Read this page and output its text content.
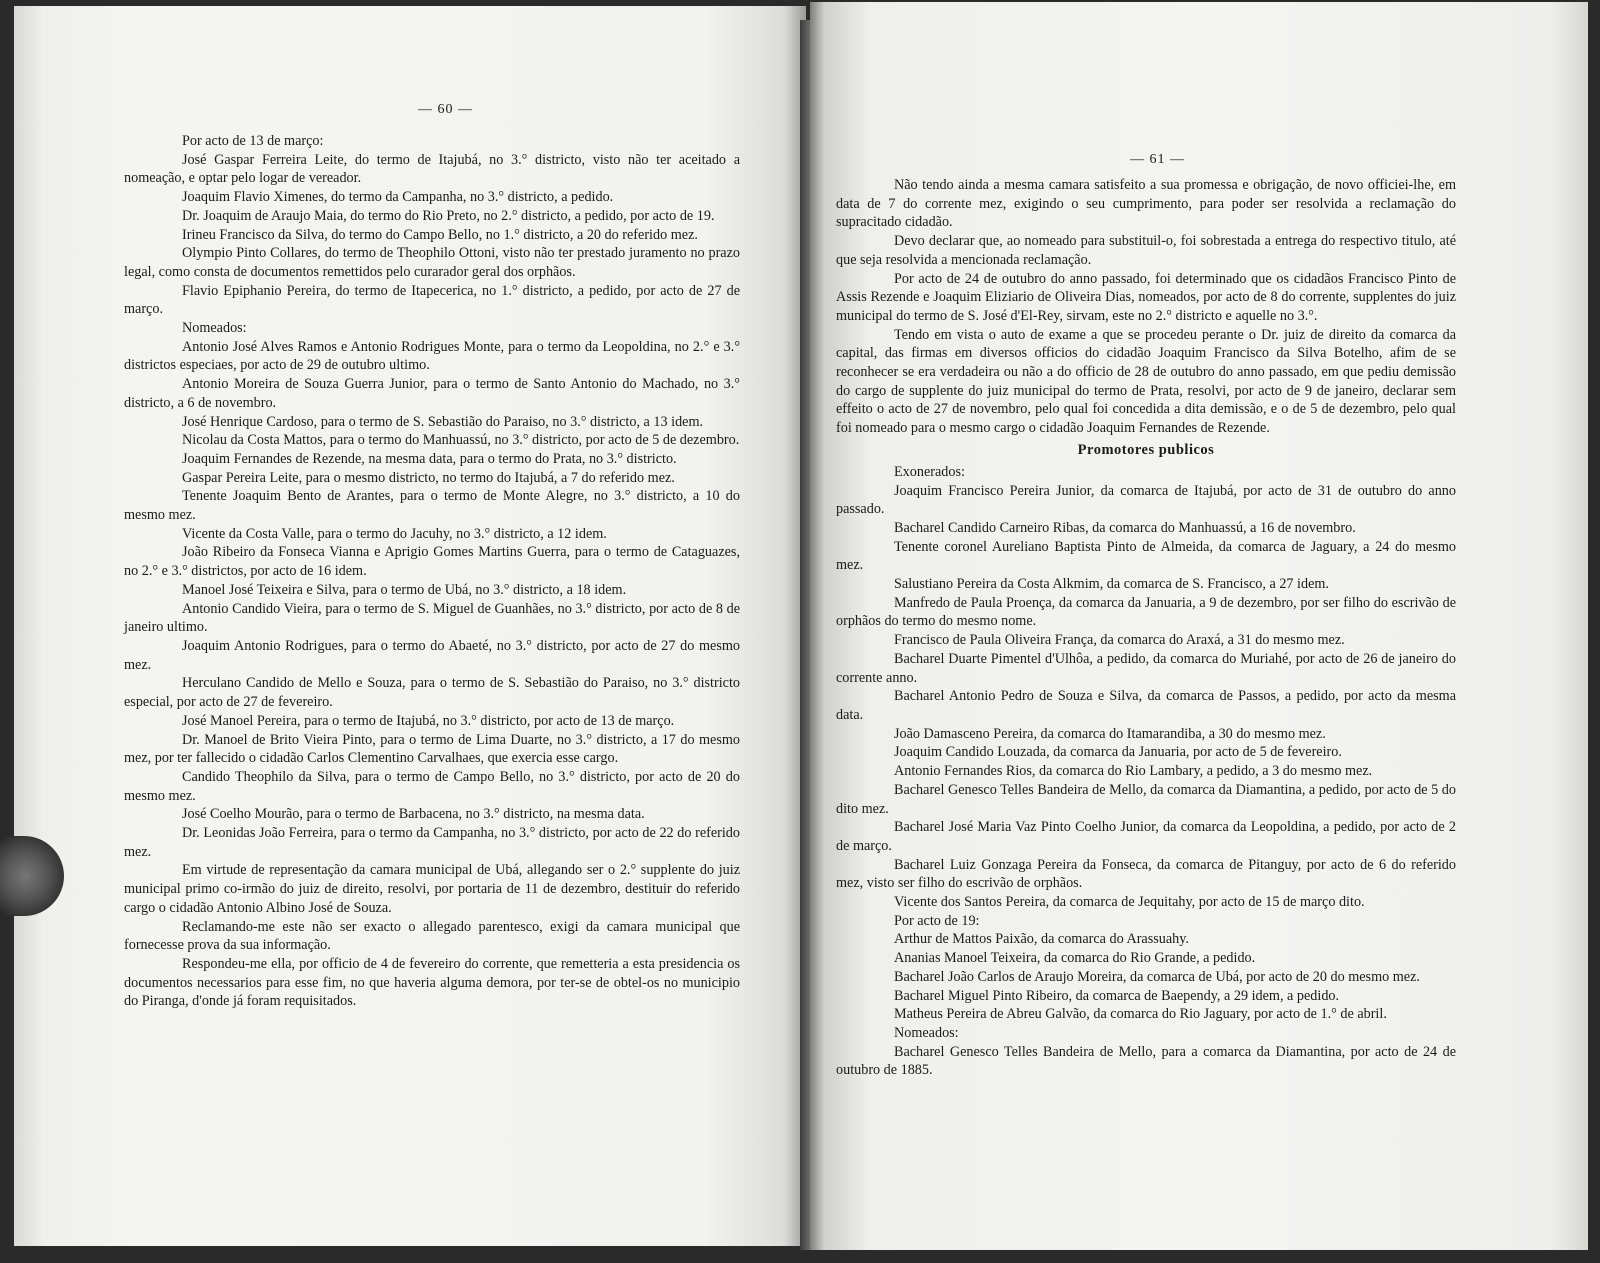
— 60 —

Por acto de 13 de março:

José Gaspar Ferreira Leite, do termo de Itajubá, no 3.° districto, visto não ter aceitado a nomeação, e optar pelo logar de vereador.

Joaquim Flavio Ximenes, do termo da Campanha, no 3.° districto, a pedido.

Dr. Joaquim de Araujo Maia, do termo do Rio Preto, no 2.° districto, a pedido, por acto de 19.

Irineu Francisco da Silva, do termo do Campo Bello, no 1.° districto, a 20 do referido mez.

Olympio Pinto Collares, do termo de Theophilo Ottoni, visto não ter prestado juramento no prazo legal, como consta de documentos remettidos pelo curarador geral dos orphãos.

Flavio Epiphanio Pereira, do termo de Itapecerica, no 1.° districto, a pedido, por acto de 27 de março.

Nomeados:

Antonio José Alves Ramos e Antonio Rodrigues Monte, para o termo da Leopoldina, no 2.° e 3.° districtos especiaes, por acto de 29 de outubro ultimo.

Antonio Moreira de Souza Guerra Junior, para o termo de Santo Antonio do Machado, no 3.° districto, a 6 de novembro.

José Henrique Cardoso, para o termo de S. Sebastião do Paraiso, no 3.° districto, a 13 idem.

Nicolau da Costa Mattos, para o termo do Manhuassú, no 3.° districto, por acto de 5 de dezembro.

Joaquim Fernandes de Rezende, na mesma data, para o termo do Prata, no 3.° districto.

Gaspar Pereira Leite, para o mesmo districto, no termo do Itajubá, a 7 do referido mez.

Tenente Joaquim Bento de Arantes, para o termo de Monte Alegre, no 3.° districto, a 10 do mesmo mez.

Vicente da Costa Valle, para o termo do Jacuhy, no 3.° districto, a 12 idem.

João Ribeiro da Fonseca Vianna e Aprigio Gomes Martins Guerra, para o termo de Cataguazes, no 2.° e 3.° districtos, por acto de 16 idem.

Manoel José Teixeira e Silva, para o termo de Ubá, no 3.° districto, a 18 idem.

Antonio Candido Vieira, para o termo de S. Miguel de Guanhães, no 3.° districto, por acto de 8 de janeiro ultimo.

Joaquim Antonio Rodrigues, para o termo do Abaeté, no 3.° districto, por acto de 27 do mesmo mez.

Herculano Candido de Mello e Souza, para o termo de S. Sebastião do Paraiso, no 3.° districto especial, por acto de 27 de fevereiro.

José Manoel Pereira, para o termo de Itajubá, no 3.° districto, por acto de 13 de março.

Dr. Manoel de Brito Vieira Pinto, para o termo de Lima Duarte, no 3.° districto, a 17 do mesmo mez, por ter fallecido o cidadão Carlos Clementino Carvalhaes, que exercia esse cargo.

Candido Theophilo da Silva, para o termo de Campo Bello, no 3.° districto, por acto de 20 do mesmo mez.

José Coelho Mourão, para o termo de Barbacena, no 3.° districto, na mesma data.

Dr. Leonidas João Ferreira, para o termo da Campanha, no 3.° districto, por acto de 22 do referido mez.

Em virtude de representação da camara municipal de Ubá, allegando ser o 2.° supplente do juiz municipal primo co-irmão do juiz de direito, resolvi, por portaria de 11 de dezembro, destituir do referido cargo o cidadão Antonio Albino José de Souza.

Reclamando-me este não ser exacto o allegado parentesco, exigi da camara municipal que fornecesse prova da sua informação.

Respondeu-me ella, por officio de 4 de fevereiro do corrente, que remetteria a esta presidencia os documentos necessarios para esse fim, no que haveria alguma demora, por ter-se de obtel-os no municipio do Piranga, d'onde já foram requisitados.

— 61 —

Não tendo ainda a mesma camara satisfeito a sua promessa e obrigação, de novo officiei-lhe, em data de 7 do corrente mez, exigindo o seu cumprimento, para poder ser resolvida a reclamação do supracitado cidadão.

Devo declarar que, ao nomeado para substituil-o, foi sobrestada a entrega do respectivo titulo, até que seja resolvida a mencionada reclamação.

Por acto de 24 de outubro do anno passado, foi determinado que os cidadãos Francisco Pinto de Assis Rezende e Joaquim Eliziario de Oliveira Dias, nomeados, por acto de 8 do corrente, supplentes do juiz municipal do termo de S. José d'El-Rey, sirvam, este no 2.° districto e aquelle no 3.°.

Tendo em vista o auto de exame a que se procedeu perante o Dr. juiz de direito da comarca da capital, das firmas em diversos officios do cidadão Joaquim Francisco da Silva Botelho, afim de se reconhecer se era verdadeira ou não a do officio de 28 de outubro do anno passado, em que pediu demissão do cargo de supplente do juiz municipal do termo de Prata, resolvi, por acto de 9 de janeiro, declarar sem effeito o acto de 27 de novembro, pelo qual foi concedida a dita demissão, e o de 5 de dezembro, pelo qual foi nomeado para o mesmo cargo o cidadão Joaquim Fernandes de Rezende.

Promotores publicos

Exonerados:

Joaquim Francisco Pereira Junior, da comarca de Itajubá, por acto de 31 de outubro do anno passado.

Bacharel Candido Carneiro Ribas, da comarca do Manhuassú, a 16 de novembro.

Tenente coronel Aureliano Baptista Pinto de Almeida, da comarca de Jaguary, a 24 do mesmo mez.

Salustiano Pereira da Costa Alkmim, da comarca de S. Francisco, a 27 idem.

Manfredo de Paula Proença, da comarca da Januaria, a 9 de dezembro, por ser filho do escrivão de orphãos do termo do mesmo nome.

Francisco de Paula Oliveira França, da comarca do Araxá, a 31 do mesmo mez.

Bacharel Duarte Pimentel d'Ulhôa, a pedido, da comarca do Muriahé, por acto de 26 de janeiro do corrente anno.

Bacharel Antonio Pedro de Souza e Silva, da comarca de Passos, a pedido, por acto da mesma data.

João Damasceno Pereira, da comarca do Itamarandiba, a 30 do mesmo mez.

Joaquim Candido Louzada, da comarca da Januaria, por acto de 5 de fevereiro.

Antonio Fernandes Rios, da comarca do Rio Lambary, a pedido, a 3 do mesmo mez.

Bacharel Genesco Telles Bandeira de Mello, da comarca da Diamantina, a pedido, por acto de 5 do dito mez.

Bacharel José Maria Vaz Pinto Coelho Junior, da comarca da Leopoldina, a pedido, por acto de 2 de março.

Bacharel Luiz Gonzaga Pereira da Fonseca, da comarca de Pitanguy, por acto de 6 do referido mez, visto ser filho do escrivão de orphãos.

Vicente dos Santos Pereira, da comarca de Jequitahy, por acto de 15 de março dito.

Por acto de 19:

Arthur de Mattos Paixão, da comarca do Arassuahy.

Ananias Manoel Teixeira, da comarca do Rio Grande, a pedido.

Bacharel João Carlos de Araujo Moreira, da comarca de Ubá, por acto de 20 do mesmo mez.

Bacharel Miguel Pinto Ribeiro, da comarca de Baependy, a 29 idem, a pedido.

Matheus Pereira de Abreu Galvão, da comarca do Rio Jaguary, por acto de 1.° de abril.

Nomeados:

Bacharel Genesco Telles Bandeira de Mello, para a comarca da Diamantina, por acto de 24 de outubro de 1885.
